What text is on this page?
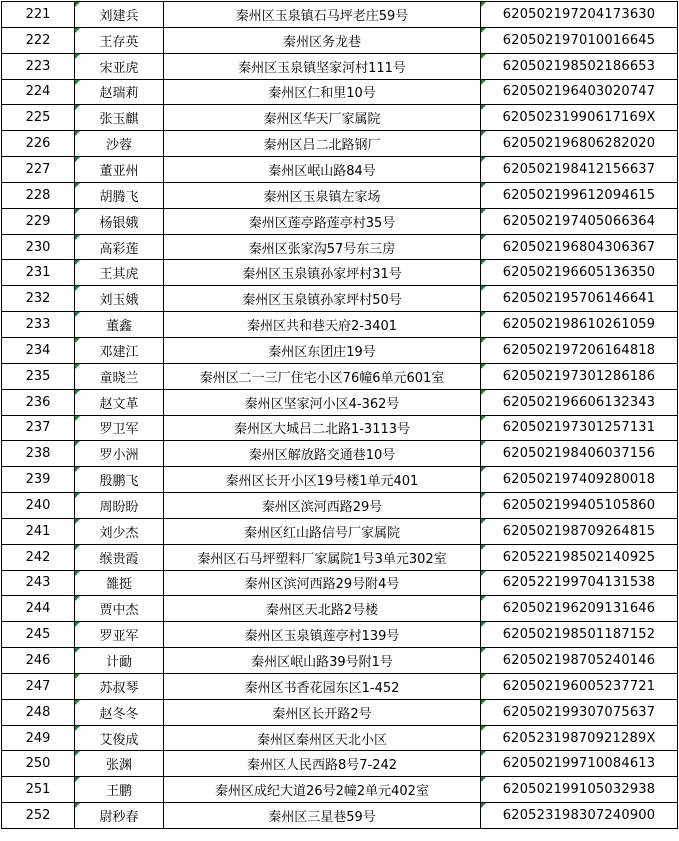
221	刘建兵	秦州区玉泉镇石马坪老庄59号	620502197204173630
222	王存英	秦州区务龙巷	620502197010016645
223	宋亚虎	秦州区玉泉镇坚家河村111号	620502198502186653
224	赵瑞莉	秦州区仁和里10号	620502196403020747
225	张玉麒	秦州区华天厂家属院	62050231990617169X
226	沙蓉	秦州区吕二北路钢厂	620502196806282020
227	董亚州	秦州区岷山路84号	620502198412156637
228	胡腾飞	秦州区玉泉镇左家场	620502199612094615
229	杨银娥	秦州区莲亭路莲亭村35号	620502197405066364
230	高彩莲	秦州区张家沟57号东三房	620502196804306367
231	王其虎	秦州区玉泉镇孙家坪村31号	620502196605136350
232	刘玉娥	秦州区玉泉镇孙家坪村50号	620502195706146641
233	董鑫	秦州区共和巷天府2-3401	620502198610261059
234	邓建江	秦州区东团庄19号	620502197206164818
235	童晓兰	秦州区二一三厂住宅小区76幢6单元601室	620502197301286186
236	赵文革	秦州区坚家河小区4-362号	620502196606132343
237	罗卫军	秦州区大城吕二北路1-3113号	620502197301257131
238	罗小洲	秦州区解放路交通巷10号	620502198406037156
239	殷鹏飞	秦州区长开小区19号楼1单元401	620502197409280018
240	周盼盼	秦州区滨河西路29号	620502199405105860
241	刘少杰	秦州区红山路信号厂家属院	620502198709264815
242	缑贵霞	秦州区石马坪塑料厂家属院1号3单元302室	620522198502140925
243	雒挺	秦州区滨河西路29号附4号	620522199704131538
244	贾中杰	秦州区天北路2号楼	620502196209131646
245	罗亚军	秦州区玉泉镇莲亭村139号	620502198501187152
246	计勔	秦州区岷山路39号附1号	620502198705240146
247	苏叔琴	秦州区书香花园东区1-452	620502196005237721
248	赵冬冬	秦州区长开路2号	620502199307075637
249	艾俊成	秦州区秦州区天北小区	62052319870921289X
250	张渊	秦州区人民西路8号7-242	620502199710084613
251	王鹏	秦州区成纪大道26号2幢2单元402室	620502199105032938
252	尉秒春	秦州区三星巷59号	620523198307240900
